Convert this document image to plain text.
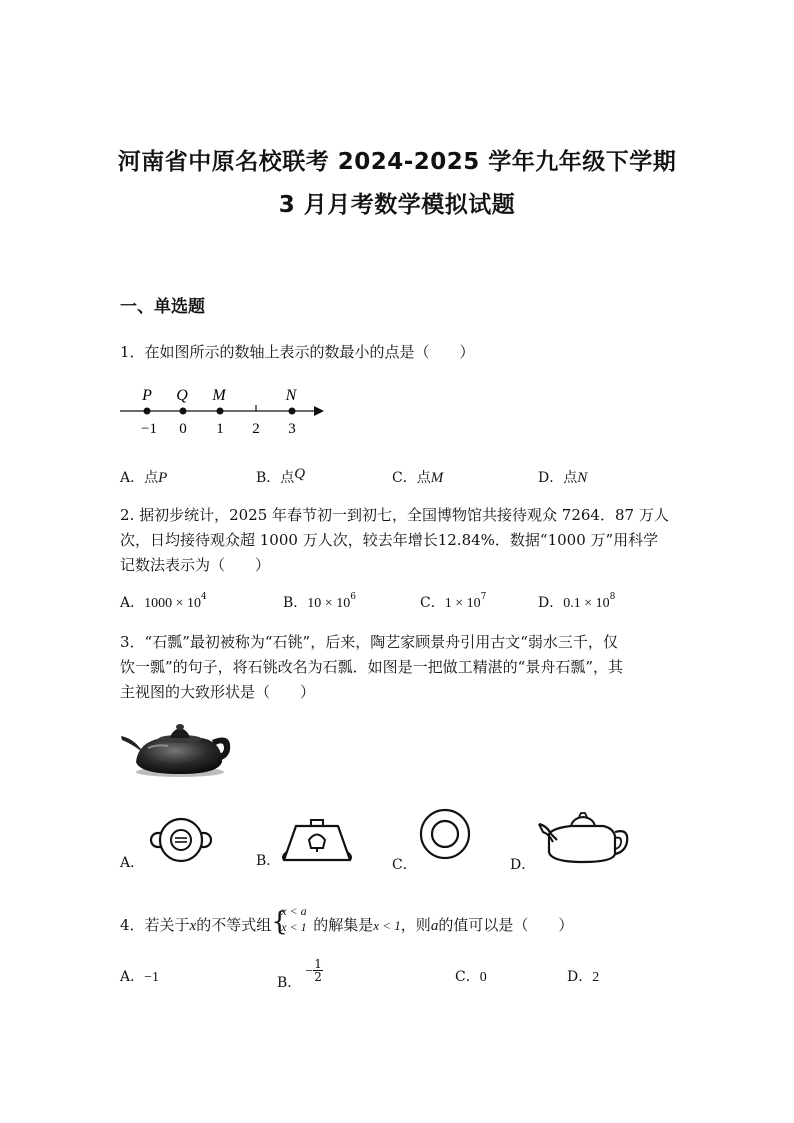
河南省中原名校联考 2024-2025 学年九年级下学期
3 月月考数学模拟试题
一、单选题
1．在如图所示的数轴上表示的数最小的点是（　　）
P Q M	N
−1 0 1 2 3
A．点P	B．点Q	C．点M	D．点N
2. 据初步统计，2025 年春节初一到初七，全国博物馆共接待观众 7264．87 万人
次，日均接待观众超 1000 万人次，较去年增长12.84%．数据“1000 万”用科学
记数法表示为（　　）
A．$1000 \times 10^4$	B．$10 \times 10^6$	C．$1 \times 10^7$	D．$0.1 \times 10^8$
3．“石瓢”最初被称为“石铫”，后来，陶艺家顾景舟引用古文“弱水三千，仅
饮一瓢”的句子，将石铫改名为石瓢．如图是一把做工精湛的“景舟石瓢”，其
主视图的大致形状是（　　）
A．	B．	C．	D．
4．若关于x的不等式组 {
x < a
x < 1 的解集是x < 1，则a的值可以是（　　）
A．−1	B．− $\frac{1}{2}$	C．0	D．2
